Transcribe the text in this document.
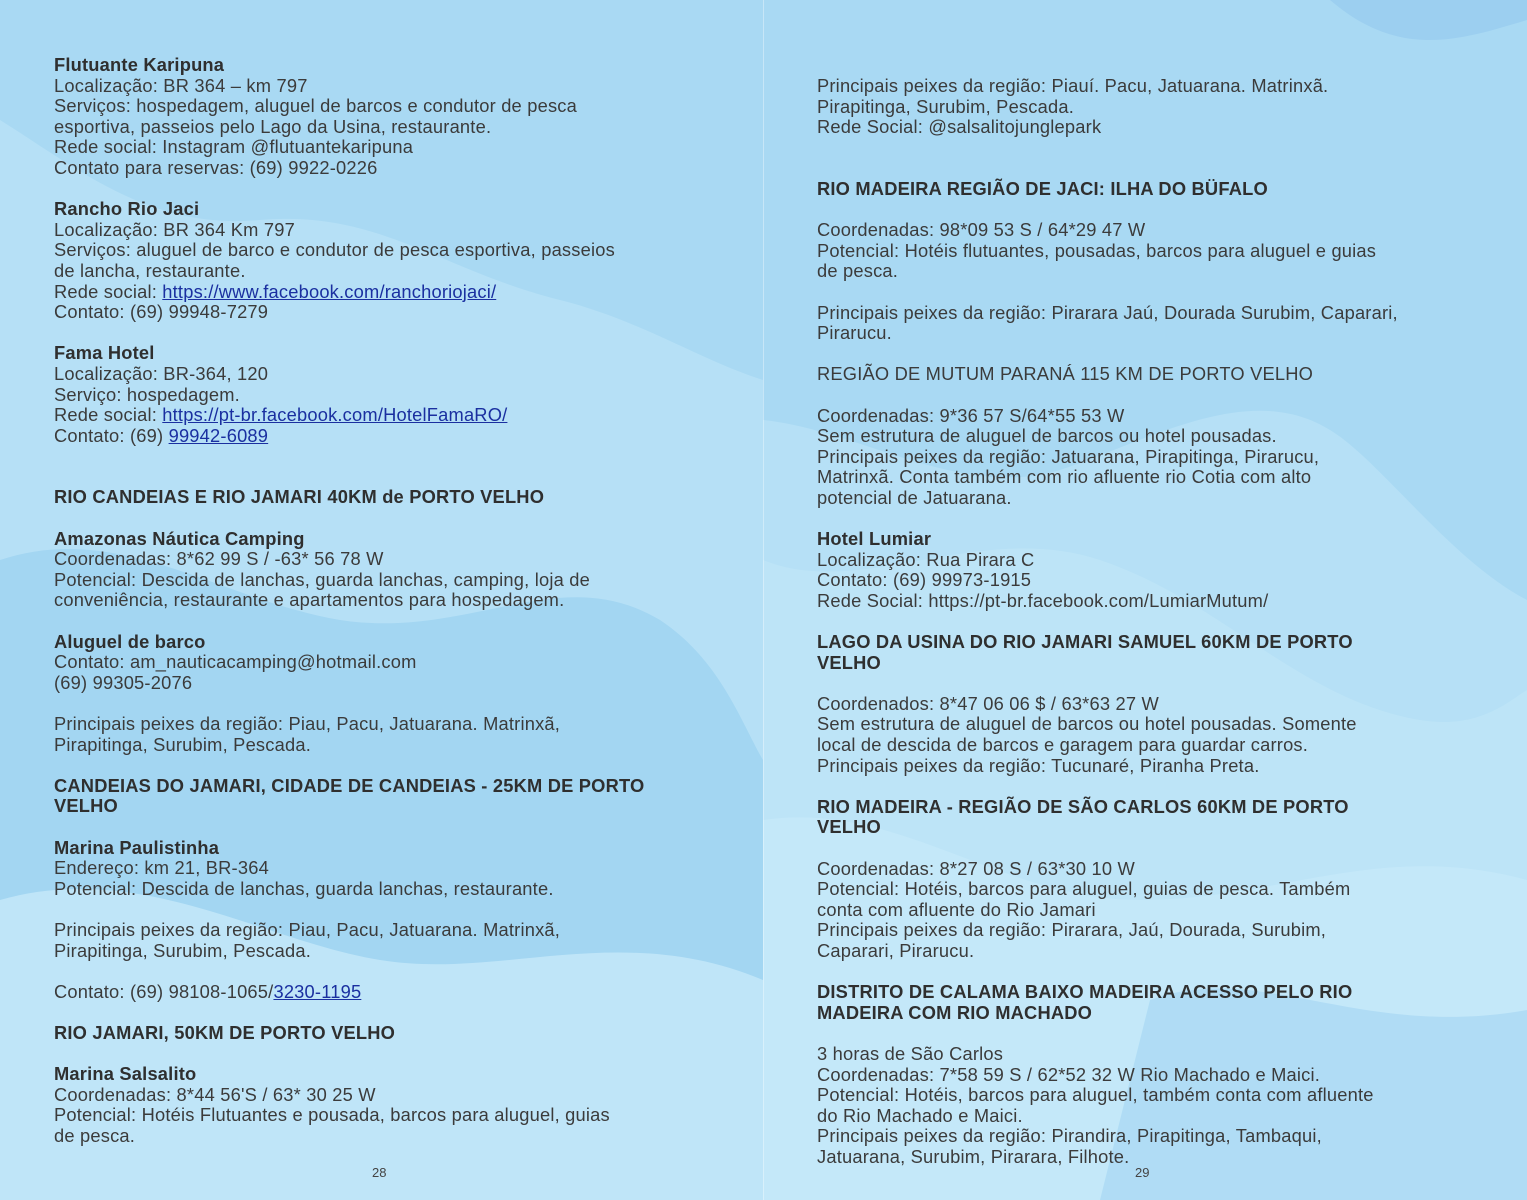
Flutuante Karipuna
Localização: BR 364 – km 797
Serviços: hospedagem, aluguel de barcos e condutor de pesca
esportiva, passeios pelo Lago da Usina, restaurante.
Rede social: Instagram @flutuantekaripuna
Contato para reservas: (69) 9922-0226
Rancho Rio Jaci
Localização: BR 364 Km 797
Serviços: aluguel de barco e condutor de pesca esportiva, passeios
de lancha, restaurante.
Rede social: https://www.facebook.com/ranchoriojaci/
Contato: (69) 99948-7279
Fama Hotel
Localização: BR-364, 120
Serviço: hospedagem.
Rede social: https://pt-br.facebook.com/HotelFamaRO/
Contato: (69) 99942-6089
RIO CANDEIAS E RIO JAMARI 40KM de PORTO VELHO
Amazonas Náutica Camping
Coordenadas: 8*62 99 S / -63* 56 78 W
Potencial: Descida de lanchas, guarda lanchas, camping, loja de
conveniência, restaurante e apartamentos para hospedagem.
Aluguel de barco
Contato: am_nauticacamping@hotmail.com
(69) 99305-2076
Principais peixes da região: Piau, Pacu, Jatuarana. Matrinxã,
Pirapitinga, Surubim, Pescada.
CANDEIAS DO JAMARI, CIDADE DE CANDEIAS - 25KM DE PORTO
VELHO
Marina Paulistinha
Endereço: km 21, BR-364
Potencial: Descida de lanchas, guarda lanchas, restaurante.
Principais peixes da região: Piau, Pacu, Jatuarana. Matrinxã,
Pirapitinga, Surubim, Pescada.
Contato: (69) 98108-1065/3230-1195
RIO JAMARI, 50KM DE PORTO VELHO
Marina Salsalito
Coordenadas: 8*44 56'S / 63* 30 25 W
Potencial: Hotéis Flutuantes e pousada, barcos para aluguel, guias
de pesca.
28
Principais peixes da região: Piauí. Pacu, Jatuarana. Matrinxã.
Pirapitinga, Surubim, Pescada.
Rede Social: @salsalitojunglepark
RIO MADEIRA REGIÃO DE JACI: ILHA DO BÜFALO
Coordenadas: 98*09 53 S / 64*29 47 W
Potencial: Hotéis flutuantes, pousadas, barcos para aluguel e guias
de pesca.
Principais peixes da região: Pirarara Jaú, Dourada Surubim, Caparari,
Pirarucu.
REGIÃO DE MUTUM PARANÁ 115 KM DE PORTO VELHO
Coordenadas: 9*36 57 S/64*55 53 W
Sem estrutura de aluguel de barcos ou hotel pousadas.
Principais peixes da região: Jatuarana, Pirapitinga, Pirarucu,
Matrinxã. Conta também com rio afluente rio Cotia com alto
potencial de Jatuarana.
Hotel Lumiar
Localização: Rua Pirara C
Contato: (69) 99973-1915
Rede Social: https://pt-br.facebook.com/LumiarMutum/
LAGO DA USINA DO RIO JAMARI SAMUEL 60KM DE PORTO
VELHO
Coordenados: 8*47 06 06 $ / 63*63 27 W
Sem estrutura de aluguel de barcos ou hotel pousadas. Somente
local de descida de barcos e garagem para guardar carros.
Principais peixes da região: Tucunaré, Piranha Preta.
RIO MADEIRA - REGIÃO DE SÃO CARLOS 60KM DE PORTO
VELHO
Coordenadas: 8*27 08 S / 63*30 10 W
Potencial: Hotéis, barcos para aluguel, guias de pesca. Também
conta com afluente do Rio Jamari
Principais peixes da região: Pirarara, Jaú, Dourada, Surubim,
Caparari, Pirarucu.
DISTRITO DE CALAMA BAIXO MADEIRA ACESSO PELO RIO
MADEIRA COM RIO MACHADO
3 horas de São Carlos
Coordenadas: 7*58 59 S / 62*52 32 W Rio Machado e Maici.
Potencial: Hotéis, barcos para aluguel, também conta com afluente
do Rio Machado e Maici.
Principais peixes da região: Pirandira, Pirapitinga, Tambaqui,
Jatuarana, Surubim, Pirarara, Filhote.
29
